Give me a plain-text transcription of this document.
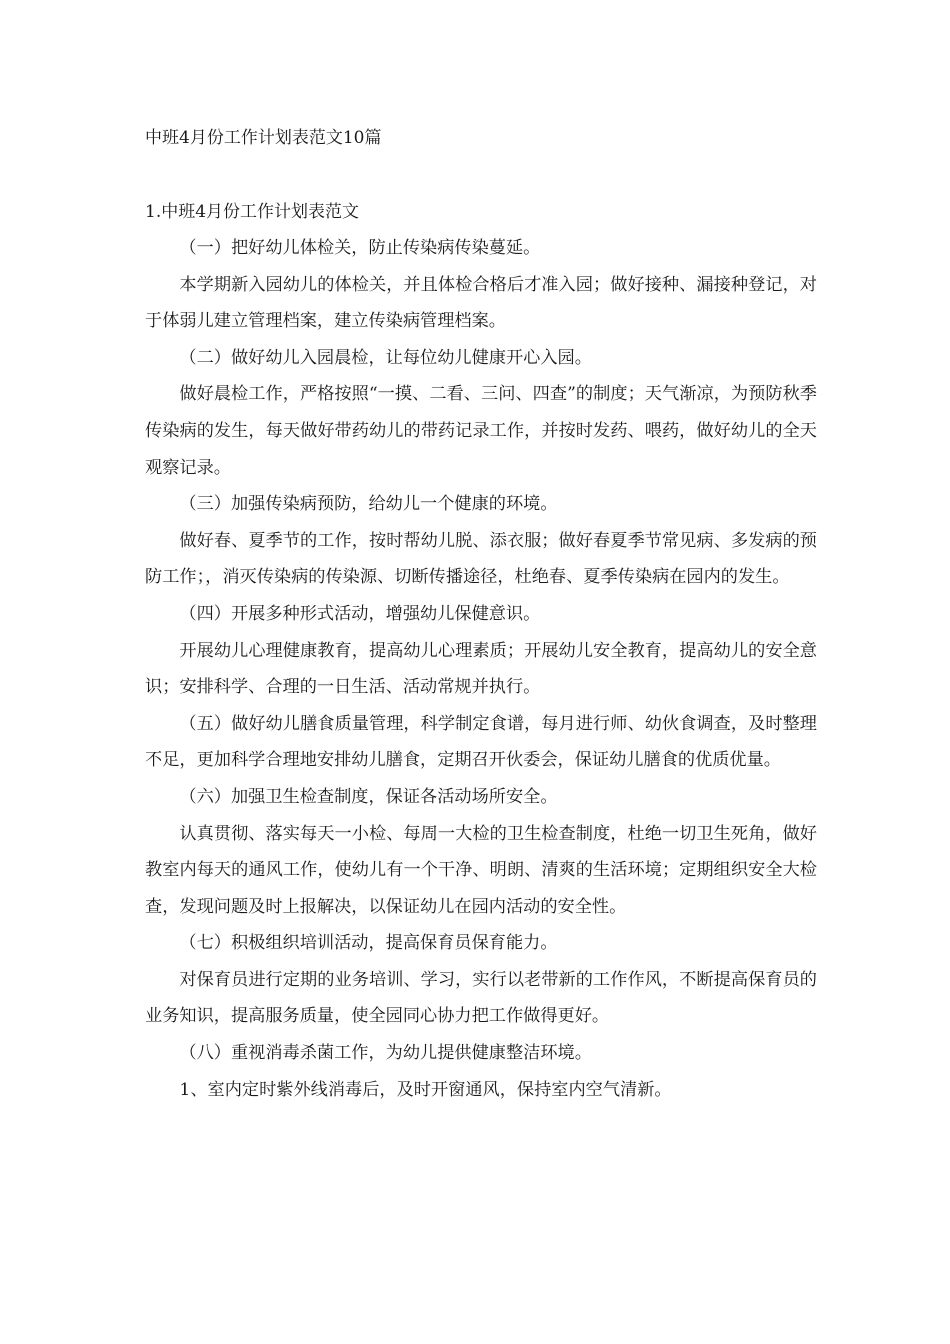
中班4月份工作计划表范文10篇
1.中班4月份工作计划表范文

（一）把好幼儿体检关，防止传染病传染蔓延。

本学期新入园幼儿的体检关，并且体检合格后才准入园；做好接种、漏接种登记，对于体弱儿建立管理档案，建立传染病管理档案。

（二）做好幼儿入园晨检，让每位幼儿健康开心入园。

做好晨检工作，严格按照“一摸、二看、三问、四查”的制度；天气渐凉，为预防秋季传染病的发生，每天做好带药幼儿的带药记录工作，并按时发药、喂药，做好幼儿的全天观察记录。

（三）加强传染病预防，给幼儿一个健康的环境。

做好春、夏季节的工作，按时帮幼儿脱、添衣服；做好春夏季节常见病、多发病的预防工作；，消灭传染病的传染源、切断传播途径，杜绝春、夏季传染病在园内的发生。

（四）开展多种形式活动，增强幼儿保健意识。

开展幼儿心理健康教育，提高幼儿心理素质；开展幼儿安全教育，提高幼儿的安全意识；安排科学、合理的一日生活、活动常规并执行。

（五）做好幼儿膳食质量管理，科学制定食谱，每月进行师、幼伙食调查，及时整理不足，更加科学合理地安排幼儿膳食，定期召开伙委会，保证幼儿膳食的优质优量。

（六）加强卫生检查制度，保证各活动场所安全。

认真贯彻、落实每天一小检、每周一大检的卫生检查制度，杜绝一切卫生死角，做好教室内每天的通风工作，使幼儿有一个干净、明朗、清爽的生活环境；定期组织安全大检查，发现问题及时上报解决，以保证幼儿在园内活动的安全性。

（七）积极组织培训活动，提高保育员保育能力。

对保育员进行定期的业务培训、学习，实行以老带新的工作作风，不断提高保育员的业务知识，提高服务质量，使全园同心协力把工作做得更好。

（八）重视消毒杀菌工作，为幼儿提供健康整洁环境。

1、室内定时紫外线消毒后，及时开窗通风，保持室内空气清新。
